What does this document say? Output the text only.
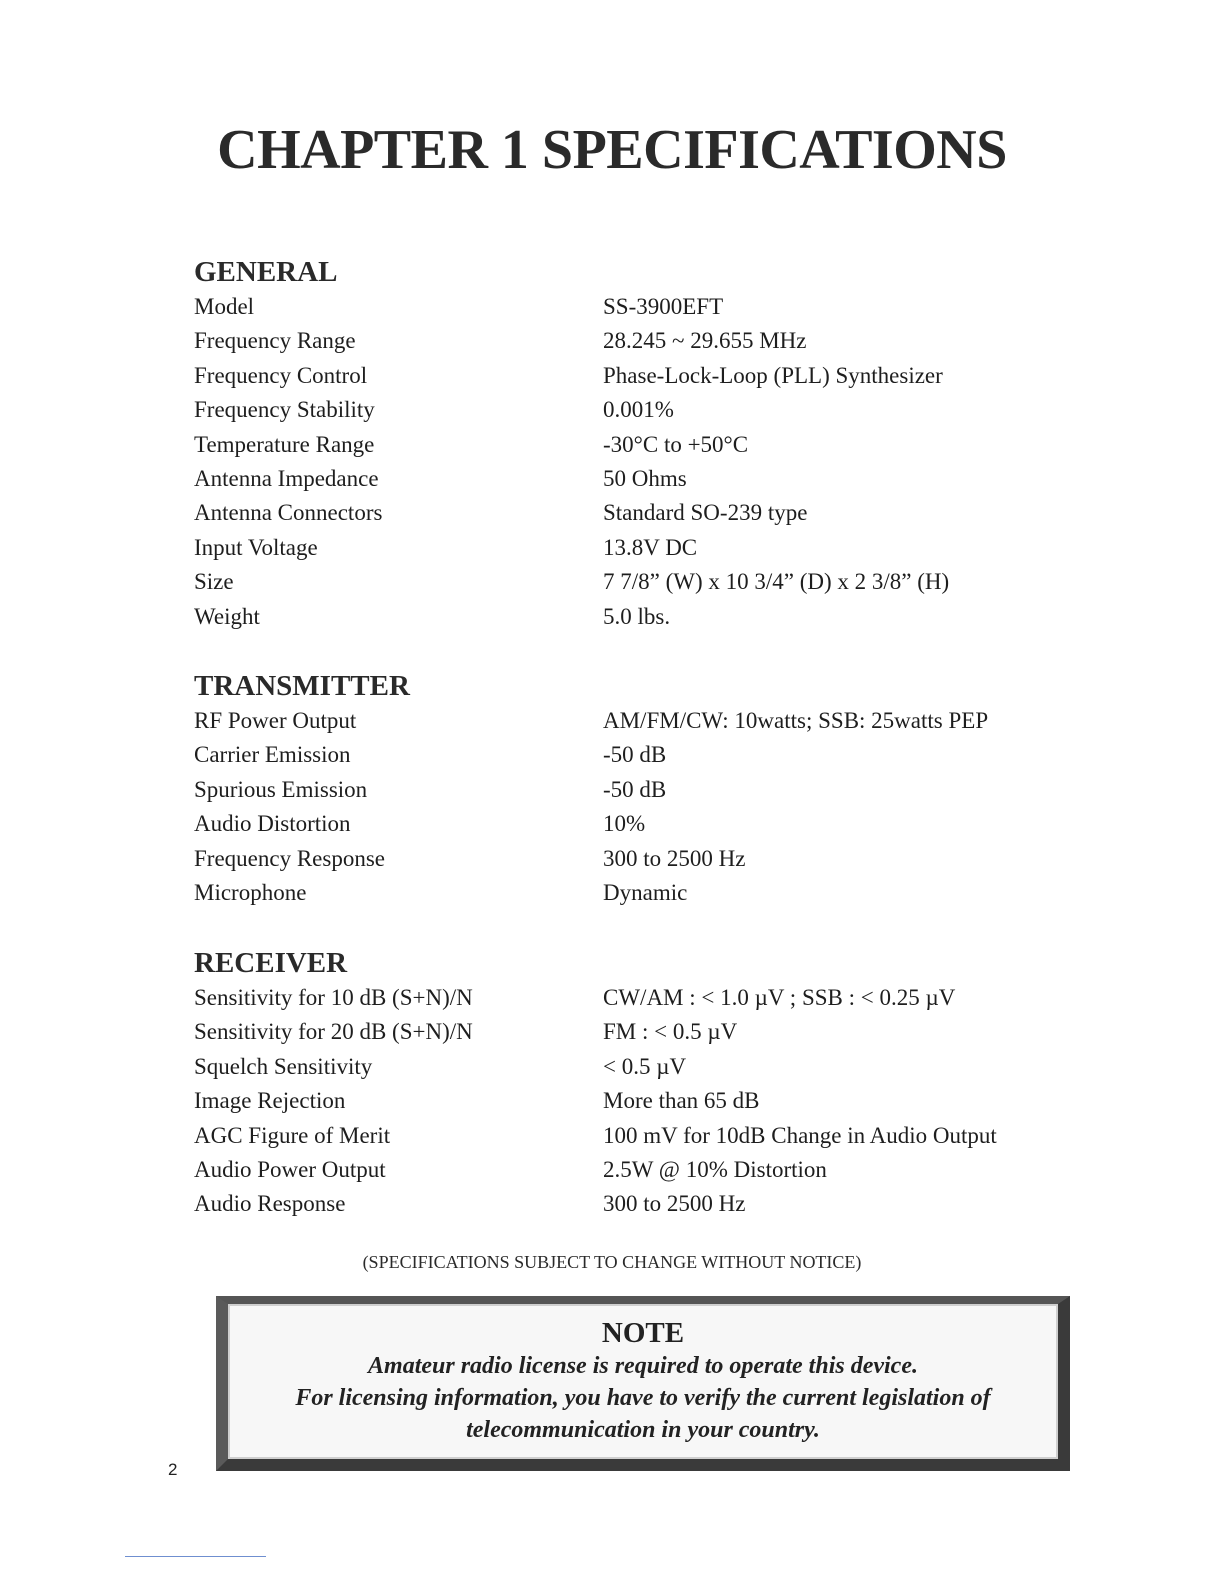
CHAPTER 1 SPECIFICATIONS
GENERAL
Model	SS-3900EFT
Frequency Range	28.245 ~ 29.655 MHz
Frequency Control	Phase-Lock-Loop (PLL) Synthesizer
Frequency Stability	0.001%
Temperature Range	-30°C to +50°C
Antenna Impedance	50 Ohms
Antenna Connectors	Standard SO-239 type
Input Voltage	13.8V DC
Size	7 7/8” (W) x 10 3/4” (D) x 2 3/8” (H)
Weight	5.0 lbs.
TRANSMITTER
RF Power Output	AM/FM/CW: 10watts; SSB: 25watts PEP
Carrier Emission	-50 dB
Spurious Emission	-50 dB
Audio Distortion	10%
Frequency Response	300 to 2500 Hz
Microphone	Dynamic
RECEIVER
Sensitivity for 10 dB (S+N)/N	CW/AM : < 1.0 µV ; SSB : < 0.25 µV
Sensitivity for 20 dB (S+N)/N	FM : < 0.5 µV
Squelch Sensitivity	< 0.5 µV
Image Rejection	More than 65 dB
AGC Figure of Merit	100 mV for 10dB Change in Audio Output
Audio Power Output	2.5W @ 10% Distortion
Audio Response	300 to 2500 Hz
(SPECIFICATIONS SUBJECT TO CHANGE WITHOUT NOTICE)
NOTE
Amateur radio license is required to operate this device.
For licensing information, you have to verify the current legislation of
telecommunication in your country.
2
